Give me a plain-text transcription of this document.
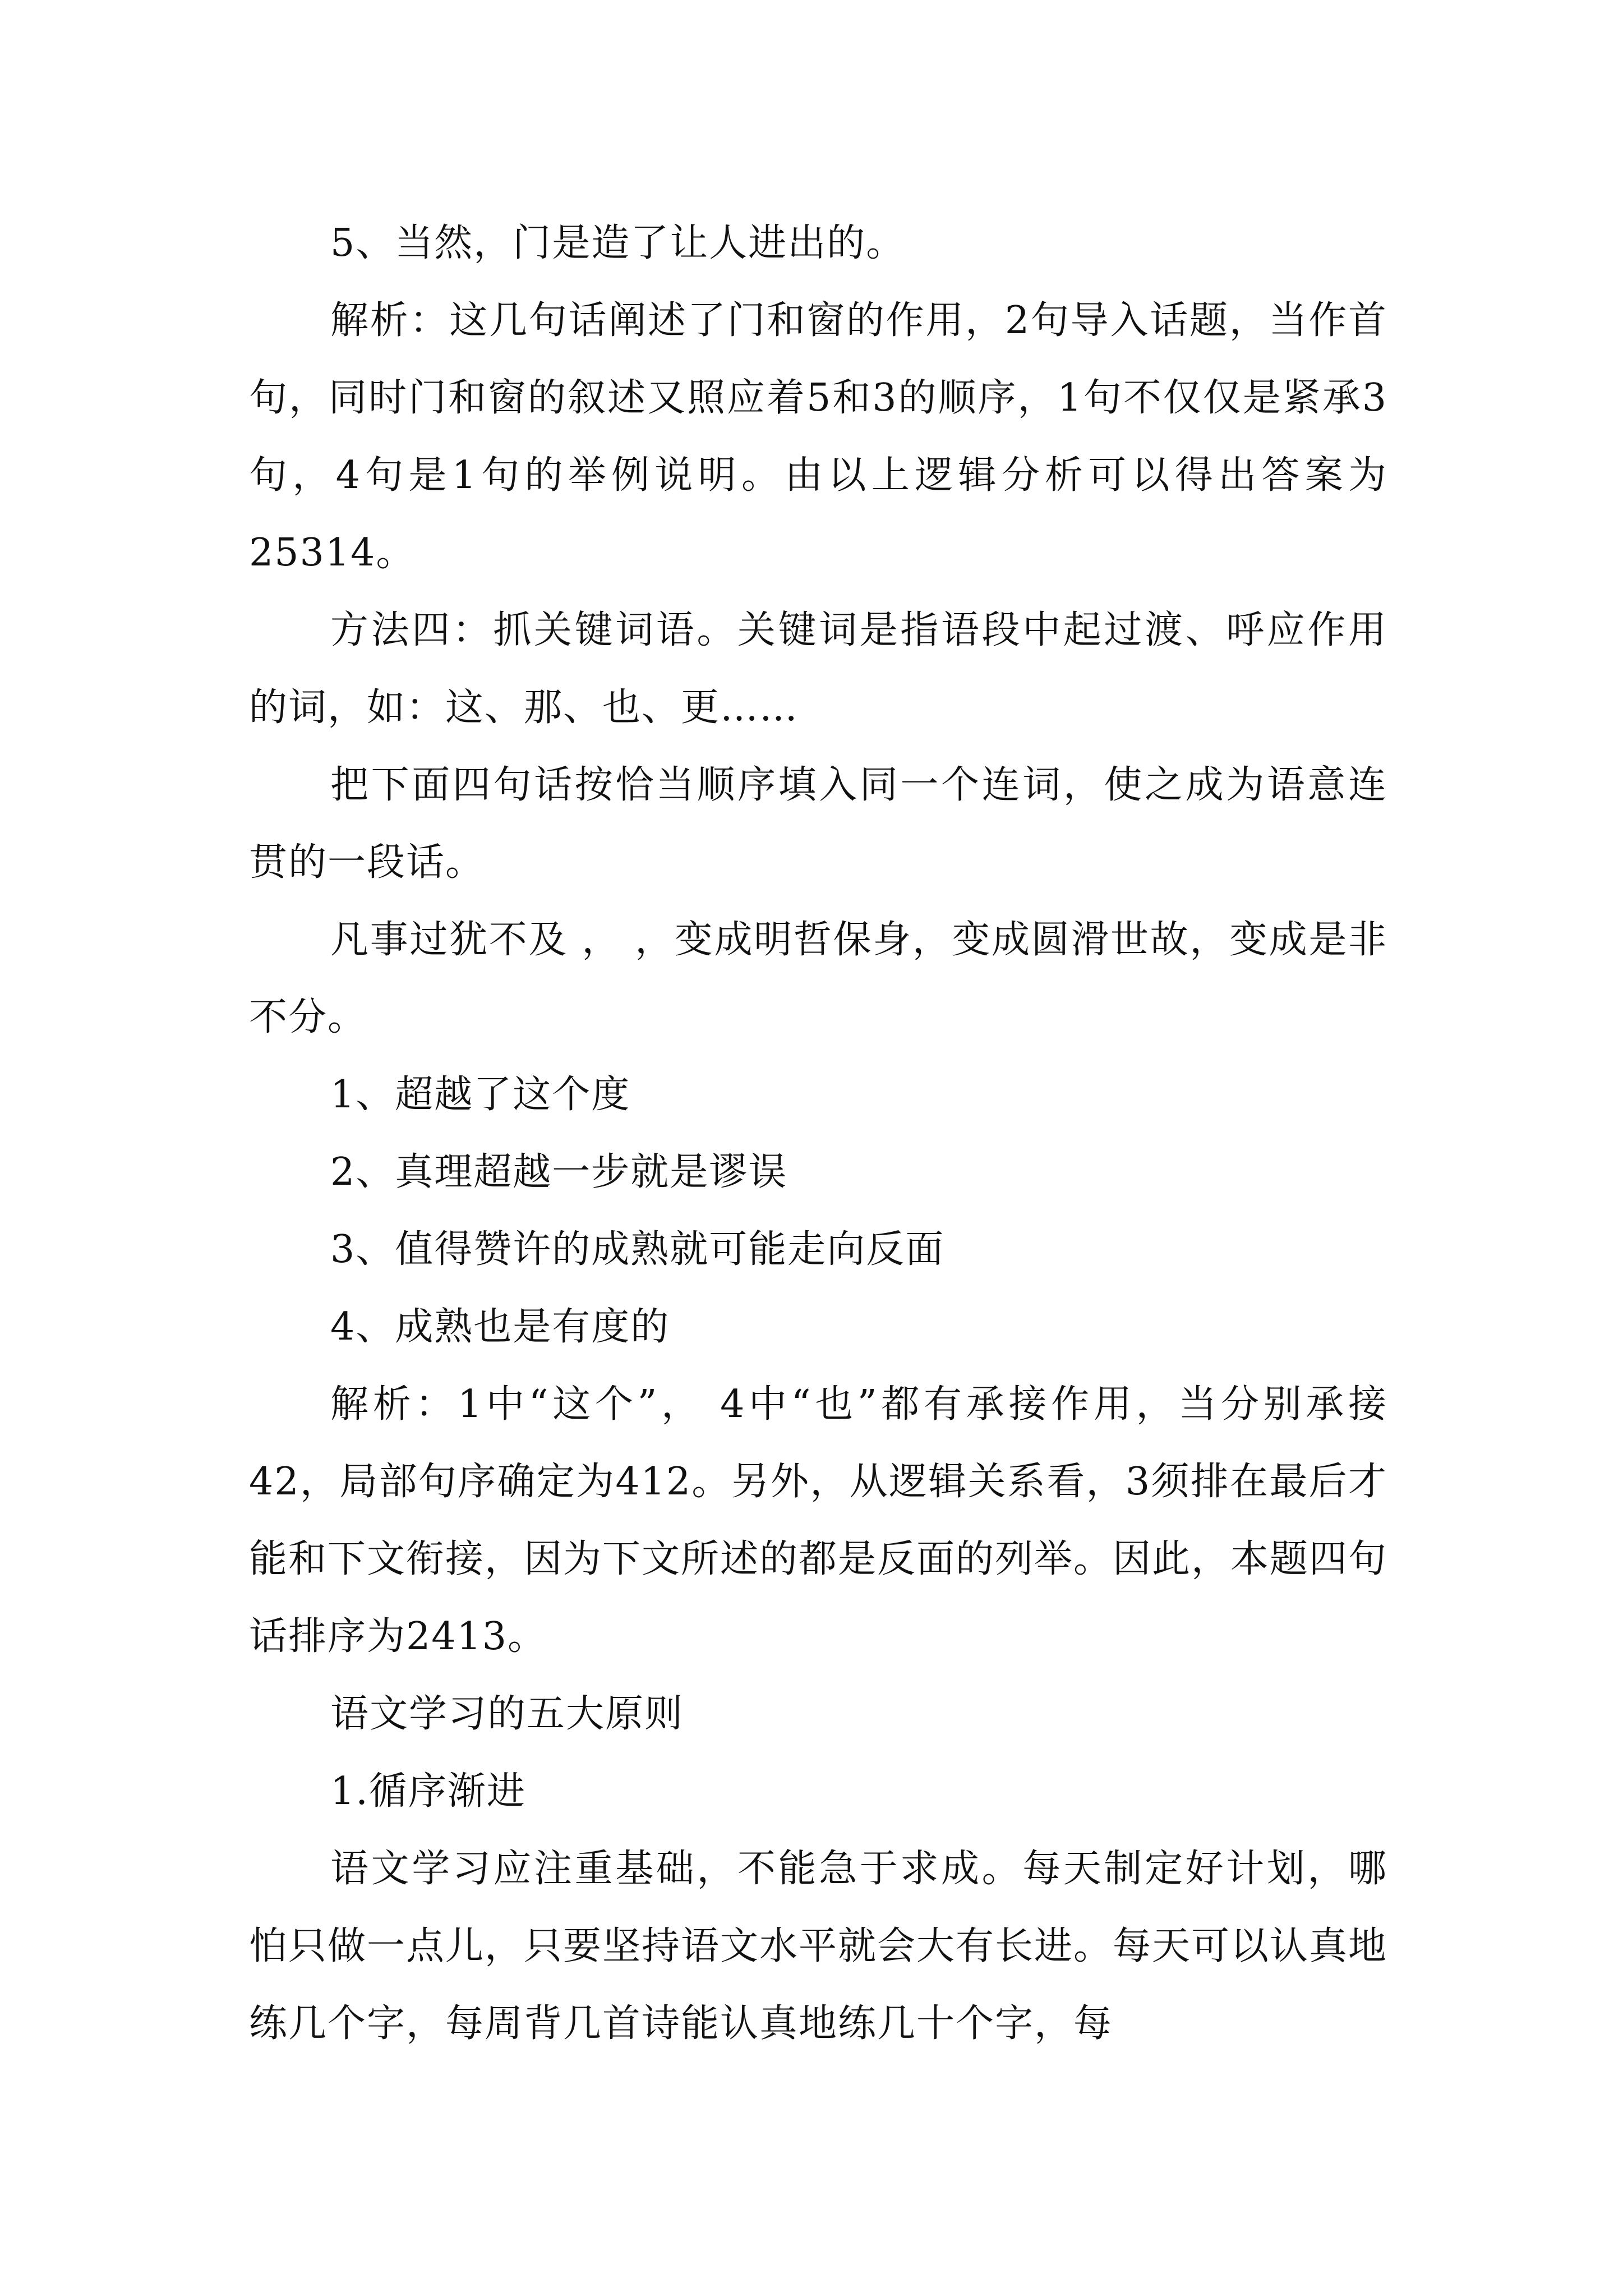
5、当然，门是造了让人进出的。

解析：这几句话阐述了门和窗的作用，2句导入话题，当作首句，同时门和窗的叙述又照应着5和3的顺序，1句不仅仅是紧承3句，4句是1句的举例说明。由以上逻辑分析可以得出答案为25314。

方法四：抓关键词语。关键词是指语段中起过渡、呼应作用的词，如：这、那、也、更……

把下面四句话按恰当顺序填入同一个连词，使之成为语意连贯的一段话。

凡事过犹不及 ， ，变成明哲保身，变成圆滑世故，变成是非不分。

1、超越了这个度

2、真理超越一步就是谬误

3、值得赞许的成熟就可能走向反面

4、成熟也是有度的

解析：1中“这个”， 4中“也”都有承接作用，当分别承接42，局部句序确定为412。另外，从逻辑关系看，3须排在最后才能和下文衔接，因为下文所述的都是反面的列举。因此，本题四句话排序为2413。

语文学习的五大原则

1.循序渐进

语文学习应注重基础，不能急于求成。每天制定好计划，哪怕只做一点儿，只要坚持语文水平就会大有长进。每天可以认真地练几个字，每周背几首诗能认真地练几十个字，每
